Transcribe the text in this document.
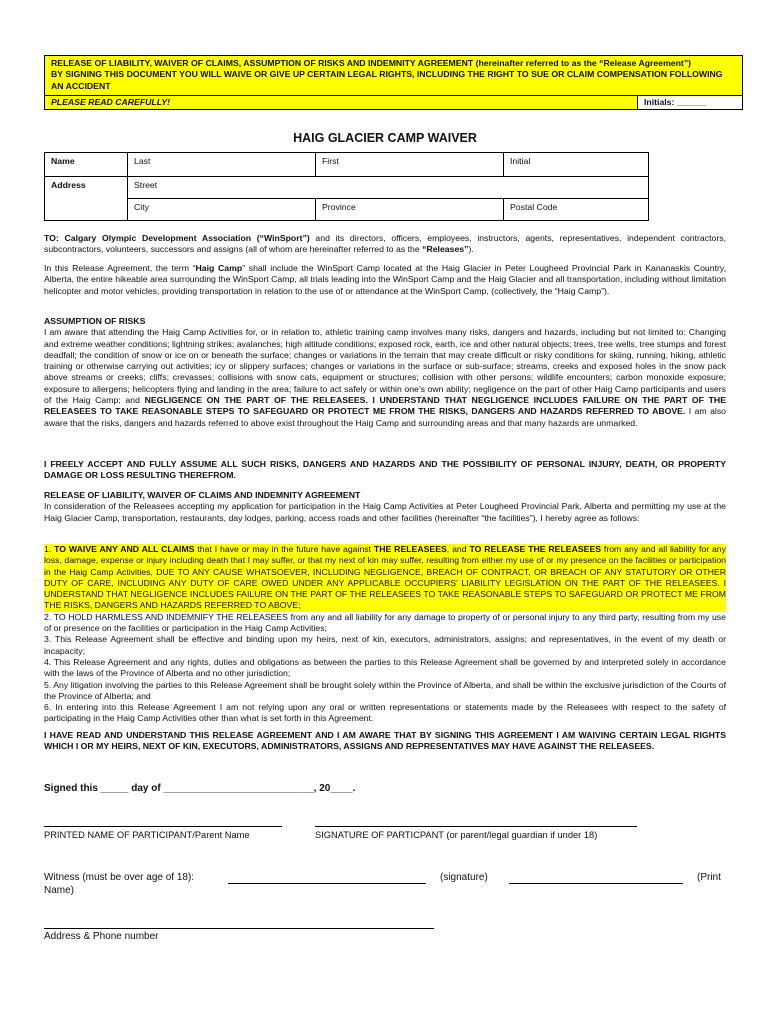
RELEASE OF LIABILITY, WAIVER OF CLAIMS, ASSUMPTION OF RISKS AND INDEMNITY AGREEMENT (hereinafter referred to as the “Release Agreement”)
BY SIGNING THIS DOCUMENT YOU WILL WAIVE OR GIVE UP CERTAIN LEGAL RIGHTS, INCLUDING THE RIGHT TO SUE OR CLAIM COMPENSATION FOLLOWING AN ACCIDENT
PLEASE READ CAREFULLY!	Initials: ______
HAIG GLACIER CAMP WAIVER
Name	Last	First	Initial
Address	Street		
	City	Province	Postal Code
TO: Calgary Olympic Development Association (“WinSport”) and its directors, officers, employees, instructors, agents, representatives, independent contractors, subcontractors, volunteers, successors and assigns (all of whom are hereinafter referred to as the “Releases”).
In this Release Agreement, the term “Haig Camp” shall include the WinSport Camp located at the Haig Glacier in Peter Lougheed Provincial Park in Kananaskis Country, Alberta, the entire hikeable area surrounding the WinSport Camp, all trials leading into the WinSport Camp and the Haig Glacier and all transportation, including without limitation helicopter and motor vehicles, providing transportation in relation to the use of or attendance at the WinSport Camp, (collectively, the “Haig Camp”).
ASSUMPTION OF RISKS
I am aware that attending the Haig Camp Activities for, or in relation to, athletic training camp involves many risks, dangers and hazards, including but not limited to: Changing and extreme weather conditions; lightning strikes; avalanches; high altitude conditions; exposed rock, earth, ice and other natural objects; trees, tree wells, tree stumps and forest deadfall; the condition of snow or ice on or beneath the surface; changes or variations in the terrain that may create difficult or risky conditions for skiing, running, hiking, athletic training or otherwise carrying out activities; icy or slippery surfaces; changes or variations in the surface or sub-surface; streams, creeks and exposed holes in the snow pack above streams or creeks; cliffs; crevasses; collisions with snow cats, equipment or structures; collision with other persons; wildlife encounters; carbon monoxide exposure; exposure to allergens; helicopters flying and landing in the area; failure to act safely or within one’s own ability; negligence on the part of other Haig Camp participants and users of the Haig Camp; and NEGLIGENCE ON THE PART OF THE RELEASEES. I UNDERSTAND THAT NEGLIGENCE INCLUDES FAILURE ON THE PART OF THE RELEASEES TO TAKE REASONABLE STEPS TO SAFEGUARD OR PROTECT ME FROM THE RISKS, DANGERS AND HAZARDS REFERRED TO ABOVE. I am also aware that the risks, dangers and hazards referred to above exist throughout the Haig Camp and surrounding areas and that many hazards are unmarked.
I FREELY ACCEPT AND FULLY ASSUME ALL SUCH RISKS, DANGERS AND HAZARDS AND THE POSSIBILITY OF PERSONAL INJURY, DEATH, OR PROPERTY DAMAGE OR LOSS RESULTING THEREFROM.
RELEASE OF LIABILITY, WAIVER OF CLAIMS AND INDEMNITY AGREEMENT
In consideration of the Releasees accepting my application for participation in the Haig Camp Activities at Peter Lougheed Provincial Park, Alberta and permitting my use at the Haig Glacier Camp, transportation, restaurants, day lodges, parking, access roads and other facilities (hereinafter “the facilities”), I hereby agree as follows:
1. TO WAIVE ANY AND ALL CLAIMS that I have or may in the future have against THE RELEASEES, and TO RELEASE THE RELEASEES from any and all liability for any loss, damage, expense or injury including death that I may suffer, or that my next of kin may suffer, resulting from either my use of or my presence on the facilities or participation in the Haig Camp Activities, DUE TO ANY CAUSE WHATSOEVER, INCLUDING NEGLIGENCE, BREACH OF CONTRACT, OR BREACH OF ANY STATUTORY OR OTHER DUTY OF CARE, INCLUDING ANY DUTY OF CARE OWED UNDER ANY APPLICABLE OCCUPIERS’ LIABILITY LEGISLATION ON THE PART OF THE RELEASEES. I UNDERSTAND THAT NEGLIGENCE INCLUDES FAILURE ON THE PART OF THE RELEASEES TO TAKE REASONABLE STEPS TO SAFEGUARD OR PROTECT ME FROM THE RISKS, DANGERS AND HAZARDS REFERRED TO ABOVE;
2. TO HOLD HARMLESS AND INDEMNIFY THE RELEASEES from any and all liability for any damage to property of or personal injury to any third party, resulting from my use of or presence on the facilities or participation in the Haig Camp Activities;
3. This Release Agreement shall be effective and binding upon my heirs, next of kin, executors, administrators, assigns; and representatives, in the event of my death or incapacity;
4. This Release Agreement and any rights, duties and obligations as between the parties to this Release Agreement shall be governed by and interpreted solely in accordance with the laws of the Province of Alberta and no other jurisdiction;
5. Any litigation involving the parties to this Release Agreement shall be brought solely within the Province of Alberta, and shall be within the exclusive jurisdiction of the Courts of the Province of Alberta; and
6. In entering into this Release Agreement I am not relying upon any oral or written representations or statements made by the Releasees with respect to the safety of participating in the Haig Camp Activities other than what is set forth in this Agreement.
I HAVE READ AND UNDERSTAND THIS RELEASE AGREEMENT AND I AM AWARE THAT BY SIGNING THIS AGREEMENT I AM WAIVING CERTAIN LEGAL RIGHTS WHICH I OR MY HEIRS, NEXT OF KIN, EXECUTORS, ADMINISTRATORS, ASSIGNS AND REPRESENTATIVES MAY HAVE AGAINST THE RELEASEES.
Signed this _____ day of ___________________________, 20____.
PRINTED NAME OF PARTICIPANT/Parent Name	SIGNATURE OF PARTICPANT (or parent/legal guardian if under 18)
Witness (must be over age of 18):	(signature)	(Print
Name)
Address & Phone number
